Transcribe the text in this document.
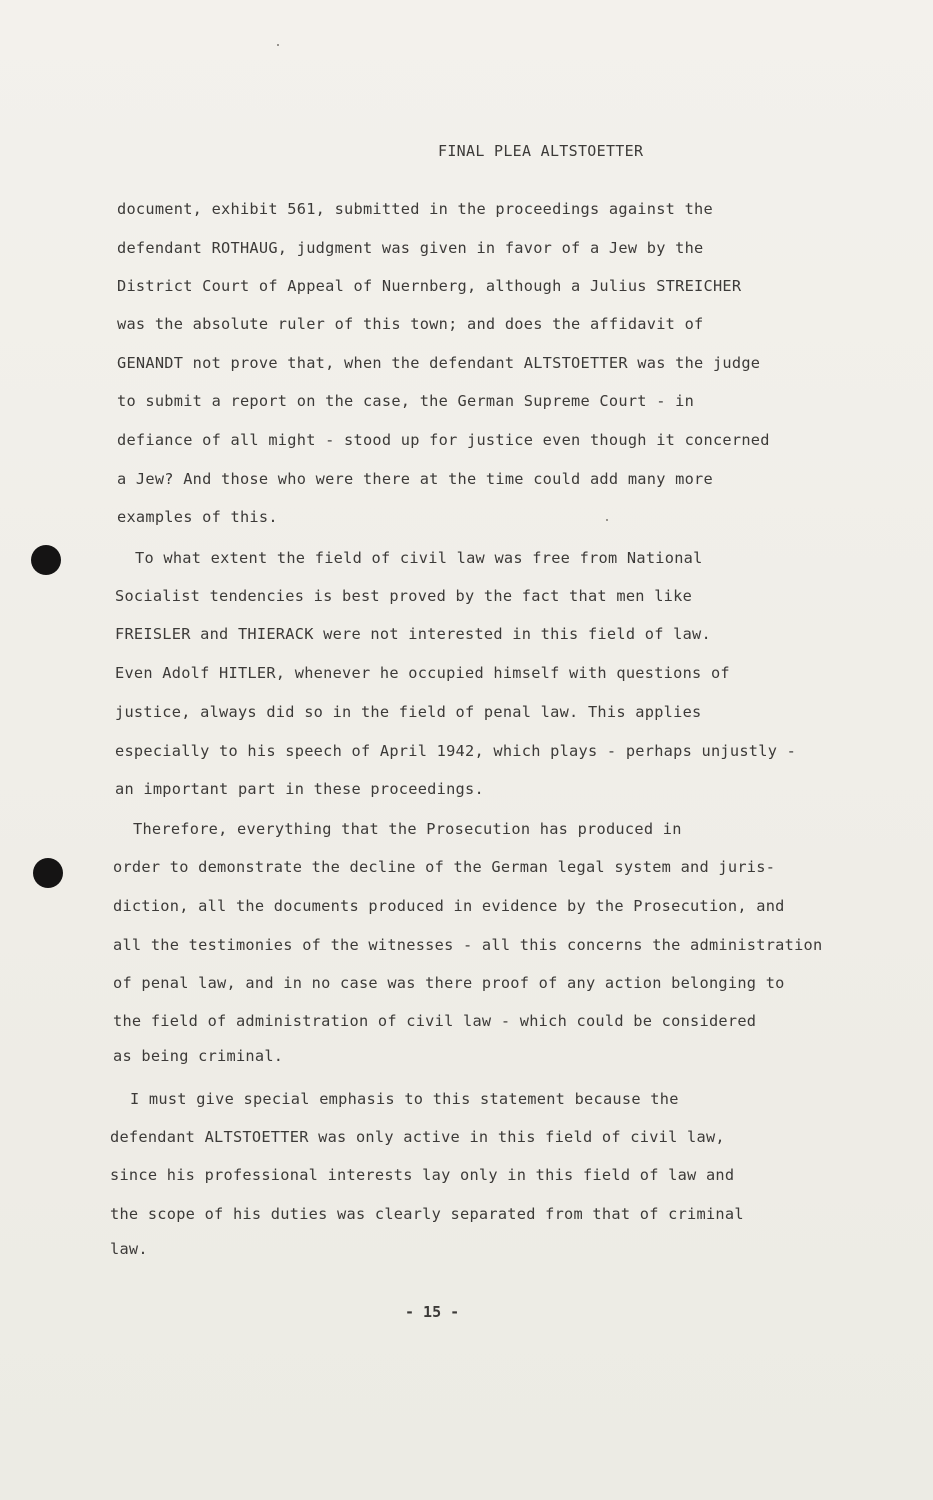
FINAL PLEA ALTSTOETTER
document, exhibit 561, submitted in the proceedings against the
defendant ROTHAUG, judgment was given in favor of a Jew by the
District Court of Appeal of Nuernberg, although a Julius STREICHER
was the absolute ruler of this town; and does the affidavit of
GENANDT not prove that, when the defendant ALTSTOETTER was the judge
to submit a report on the case, the German Supreme Court - in
defiance of all might - stood up for justice even though it concerned
a Jew? And those who were there at the time could add many more
examples of this.
To what extent the field of civil law was free from National
Socialist tendencies is best proved by the fact that men like
FREISLER and THIERACK were not interested in this field of law.
Even Adolf HITLER, whenever he occupied himself with questions of
justice, always did so in the field of penal law. This applies
especially to his speech of April 1942, which plays - perhaps unjustly -
an important part in these proceedings.
Therefore, everything that the Prosecution has produced in
order to demonstrate the decline of the German legal system and juris-
diction, all the documents produced in evidence by the Prosecution, and
all the testimonies of the witnesses - all this concerns the administration
of penal law, and in no case was there proof of any action belonging to
the field of administration of civil law - which could be considered
as being criminal.
I must give special emphasis to this statement because the
defendant ALTSTOETTER was only active in this field of civil law,
since his professional interests lay only in this field of law and
the scope of his duties was clearly separated from that of criminal
law.
- 15 -
